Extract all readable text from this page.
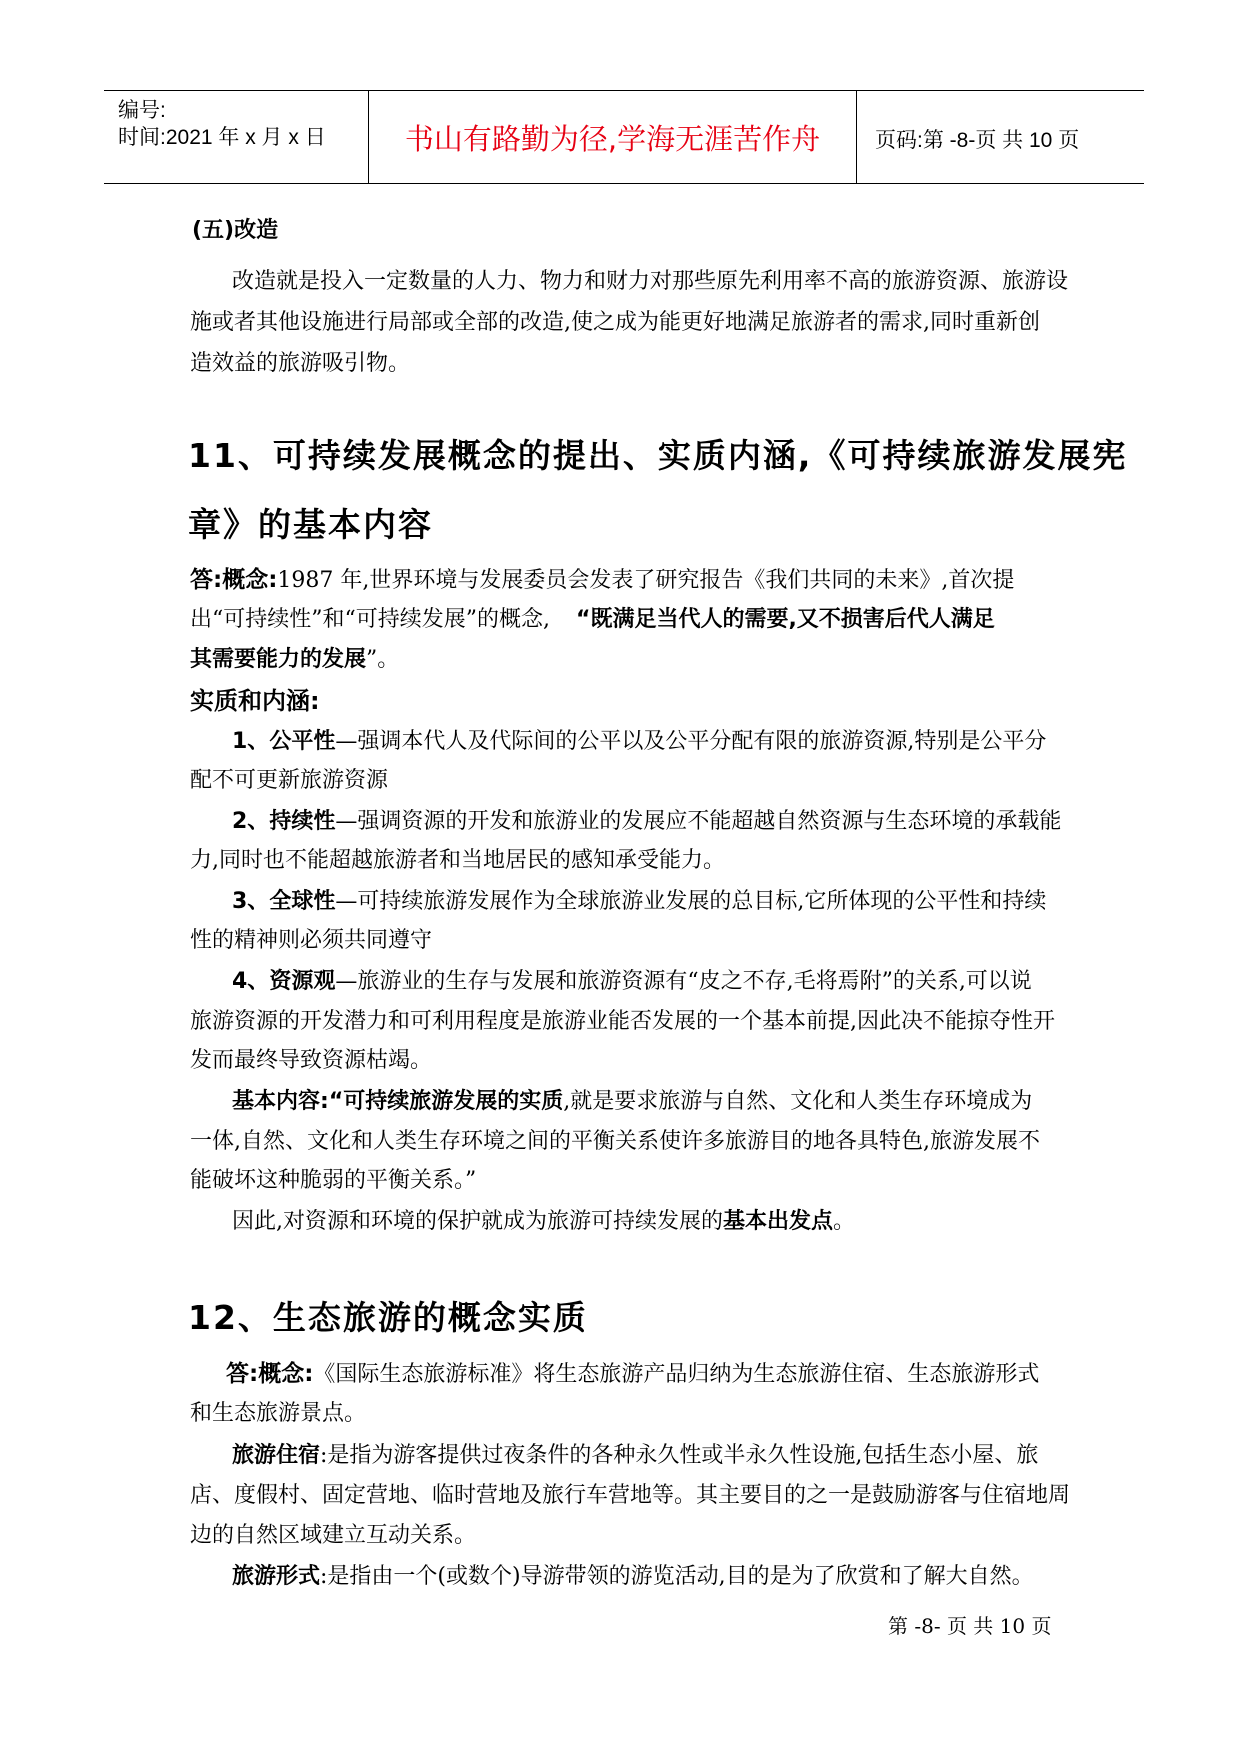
编号:
时间:2021 年 x 月 x 日	书山有路勤为径,学海无涯苦作舟	页码:第 -8-页 共 10 页
(五)改造
改造就是投入一定数量的人力、物力和财力对那些原先利用率不高的旅游资源、旅游设
施或者其他设施进行局部或全部的改造,使之成为能更好地满足旅游者的需求,同时重新创
造效益的旅游吸引物。
11、可持续发展概念的提出、实质内涵,《可持续旅游发展宪
章》的基本内容
答:概念:1987 年,世界环境与发展委员会发表了研究报告《我们共同的未来》,首次提
出“可持续性”和“可持续发展”的概念, “既满足当代人的需要,又不损害后代人满足
其需要能力的发展”。
实质和内涵:
1、公平性—强调本代人及代际间的公平以及公平分配有限的旅游资源,特别是公平分
配不可更新旅游资源
2、持续性—强调资源的开发和旅游业的发展应不能超越自然资源与生态环境的承载能
力,同时也不能超越旅游者和当地居民的感知承受能力。
3、全球性—可持续旅游发展作为全球旅游业发展的总目标,它所体现的公平性和持续
性的精神则必须共同遵守
4、资源观—旅游业的生存与发展和旅游资源有“皮之不存,毛将焉附”的关系,可以说
旅游资源的开发潜力和可利用程度是旅游业能否发展的一个基本前提,因此决不能掠夺性开
发而最终导致资源枯竭。
基本内容:“可持续旅游发展的实质,就是要求旅游与自然、文化和人类生存环境成为
一体,自然、文化和人类生存环境之间的平衡关系使许多旅游目的地各具特色,旅游发展不
能破坏这种脆弱的平衡关系。”
因此,对资源和环境的保护就成为旅游可持续发展的基本出发点。
12、生态旅游的概念实质
答:概念:《国际生态旅游标准》将生态旅游产品归纳为生态旅游住宿、生态旅游形式
和生态旅游景点。
旅游住宿:是指为游客提供过夜条件的各种永久性或半永久性设施,包括生态小屋、旅
店、度假村、固定营地、临时营地及旅行车营地等。其主要目的之一是鼓励游客与住宿地周
边的自然区域建立互动关系。
旅游形式:是指由一个(或数个)导游带领的游览活动,目的是为了欣赏和了解大自然。
第 -8- 页 共 10 页
